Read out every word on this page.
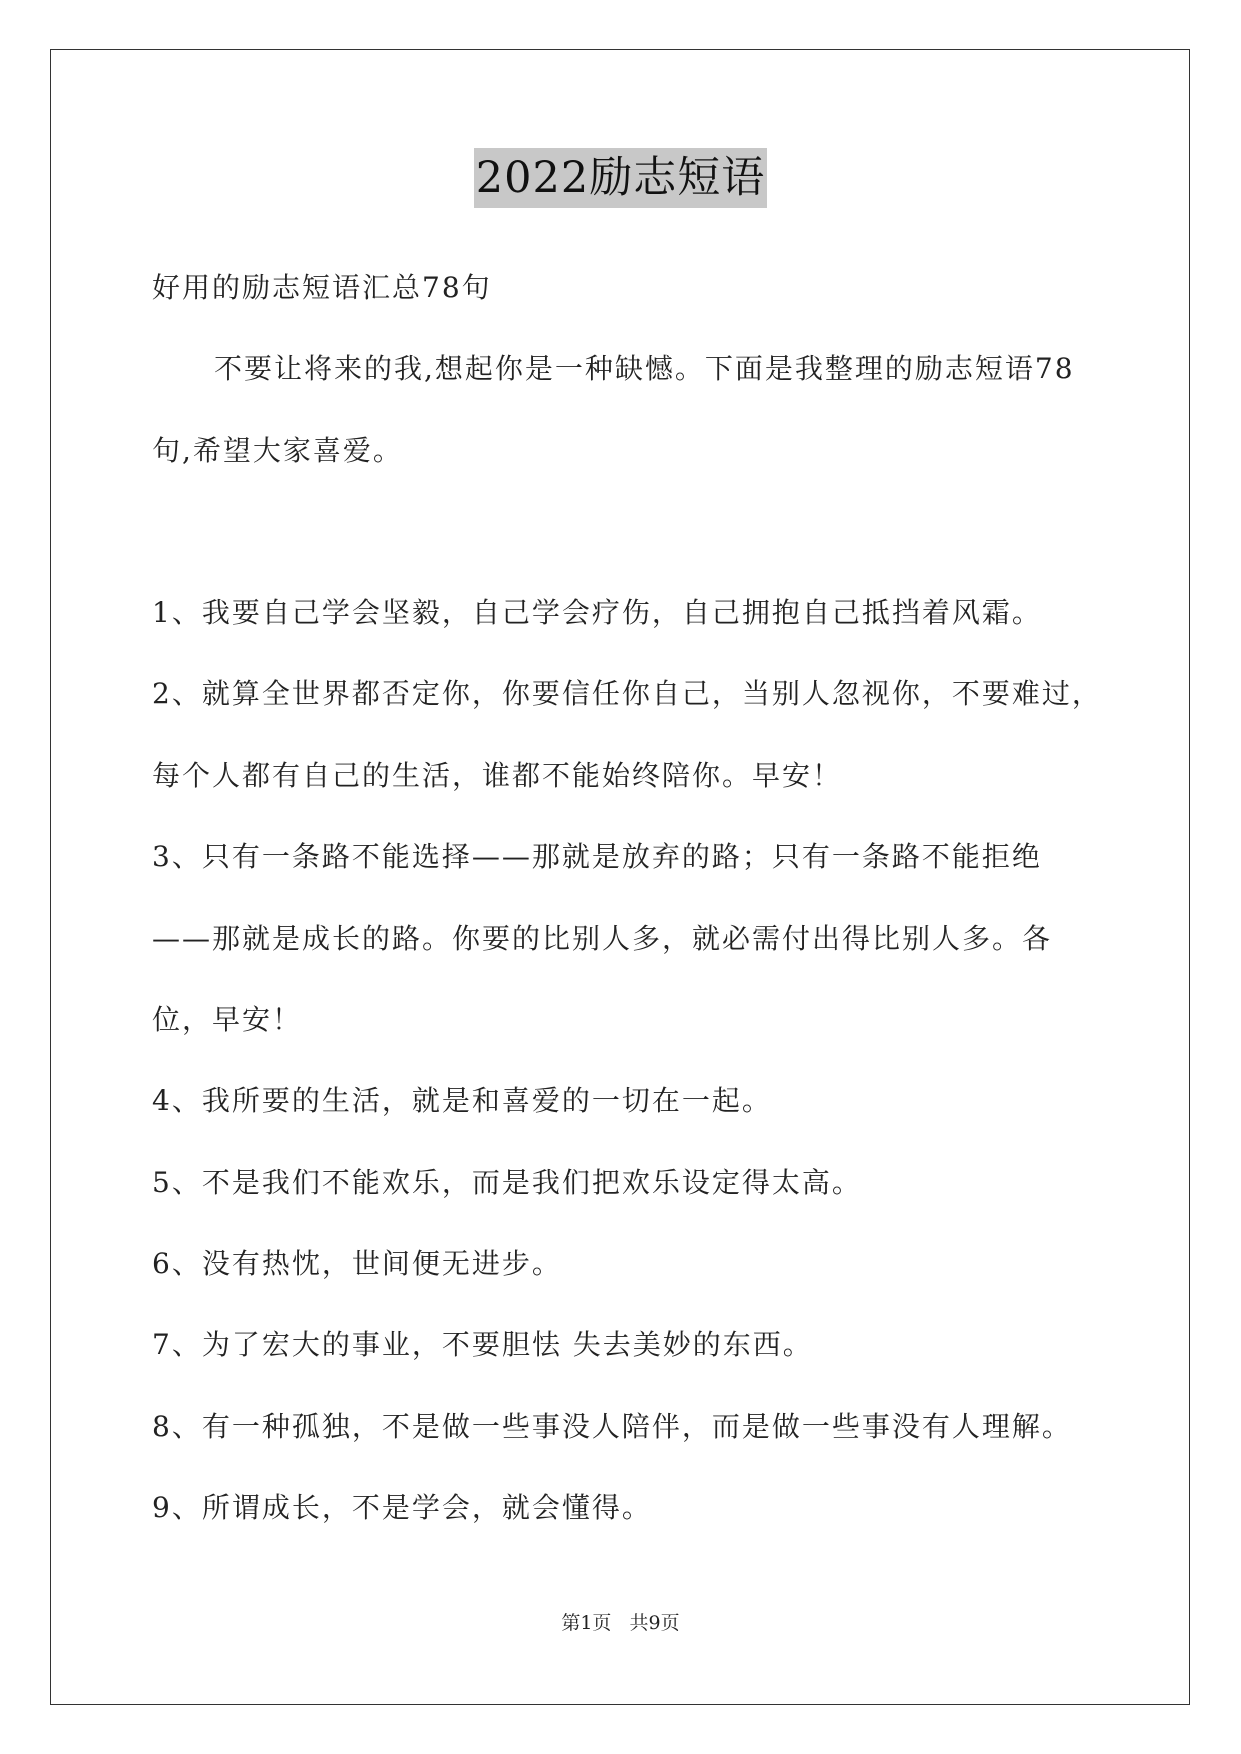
2022励志短语
好用的励志短语汇总78句
不要让将来的我,想起你是一种缺憾。下面是我整理的励志短语78
句,希望大家喜爱。
1、我要自己学会坚毅，自己学会疗伤，自己拥抱自己抵挡着风霜。
2、就算全世界都否定你，你要信任你自己，当别人忽视你，不要难过，
每个人都有自己的生活，谁都不能始终陪你。早安！
3、只有一条路不能选择——那就是放弃的路；只有一条路不能拒绝
——那就是成长的路。你要的比别人多，就必需付出得比别人多。各
位，早安！
4、我所要的生活，就是和喜爱的一切在一起。
5、不是我们不能欢乐，而是我们把欢乐设定得太高。
6、没有热忱，世间便无进步。
7、为了宏大的事业，不要胆怯 失去美妙的东西。
8、有一种孤独，不是做一些事没人陪伴，而是做一些事没有人理解。
9、所谓成长，不是学会，就会懂得。
第1页   共9页
